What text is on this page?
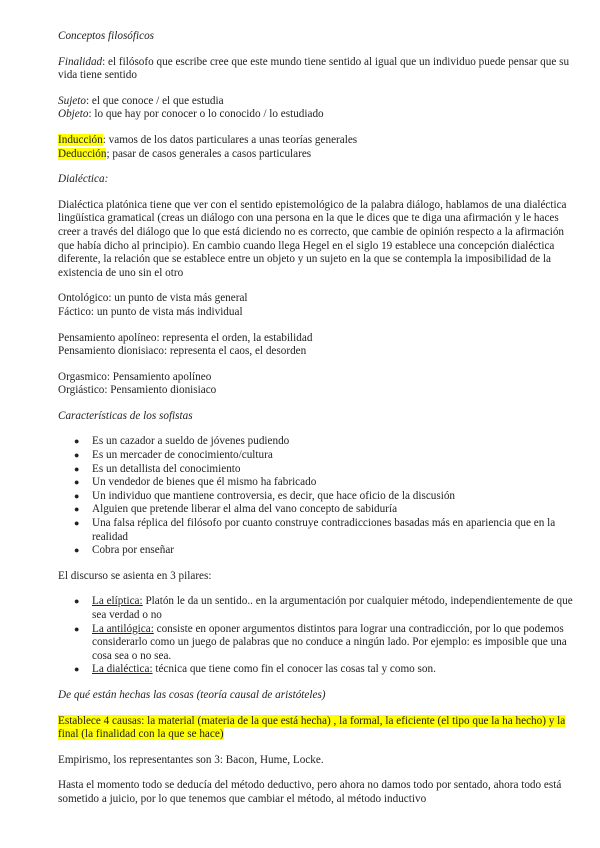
Conceptos filosóficos

Finalidad: el filósofo que escribe cree que este mundo tiene sentido al igual que un individuo puede pensar que su vida tiene sentido

Sujeto: el que conoce / el que estudia

Objeto: lo que hay por conocer o lo conocido / lo estudiado

Inducción: vamos de los datos particulares a unas teorías generales

Deducción; pasar de casos generales a casos particulares

Dialéctica:

Dialéctica platónica tiene que ver con el sentido epistemológico de la palabra diálogo, hablamos de una dialéctica lingüística gramatical (creas un diálogo con una persona en la que le dices que te diga una afirmación y le haces creer a través del diálogo que lo que está diciendo no es correcto, que cambie de opinión respecto a la afirmación que había dicho al principio). En cambio cuando llega Hegel en el siglo 19 establece una concepción dialéctica diferente, la relación que se establece entre un objeto y un sujeto en la que se contempla la imposibilidad de la existencia de uno sin el otro

Ontológico: un punto de vista más general

Fáctico: un punto de vista más individual

Pensamiento apolíneo: representa el orden, la estabilidad

Pensamiento dionisiaco: representa el caos, el desorden

Orgasmico: Pensamiento apolíneo

Orgiástico: Pensamiento dionisiaco

Características de los sofistas

● Es un cazador a sueldo de jóvenes pudiendo
● Es un mercader de conocimiento/cultura
● Es un detallista del conocimiento
● Un vendedor de bienes que él mismo ha fabricado
● Un individuo que mantiene controversia, es decir, que hace oficio de la discusión
● Alguien que pretende liberar el alma del vano concepto de sabiduría
● Una falsa réplica del filósofo por cuanto construye contradicciones basadas más en apariencia que en la realidad
● Cobra por enseñar

El discurso se asienta en 3 pilares:

● La elíptica: Platón le da un sentido.. en la argumentación por cualquier método, independientemente de que sea verdad o no
● La antilógica: consiste en oponer argumentos distintos para lograr una contradicción, por lo que podemos considerarlo como un juego de palabras que no conduce a ningún lado. Por ejemplo: es imposible que una cosa sea o no sea.
● La dialéctica: técnica que tiene como fin el conocer las cosas tal y como son.

De qué están hechas las cosas (teoría causal de aristóteles)

Establece 4 causas: la material (materia de la que está hecha) , la formal, la eficiente (el tipo que la ha hecho) y la final (la finalidad con la que se hace)

Empirismo, los representantes son 3: Bacon, Hume, Locke.

Hasta el momento todo se deducía del método deductivo, pero ahora no damos todo por sentado, ahora todo está sometido a juicio, por lo que tenemos que cambiar el método, al método inductivo
